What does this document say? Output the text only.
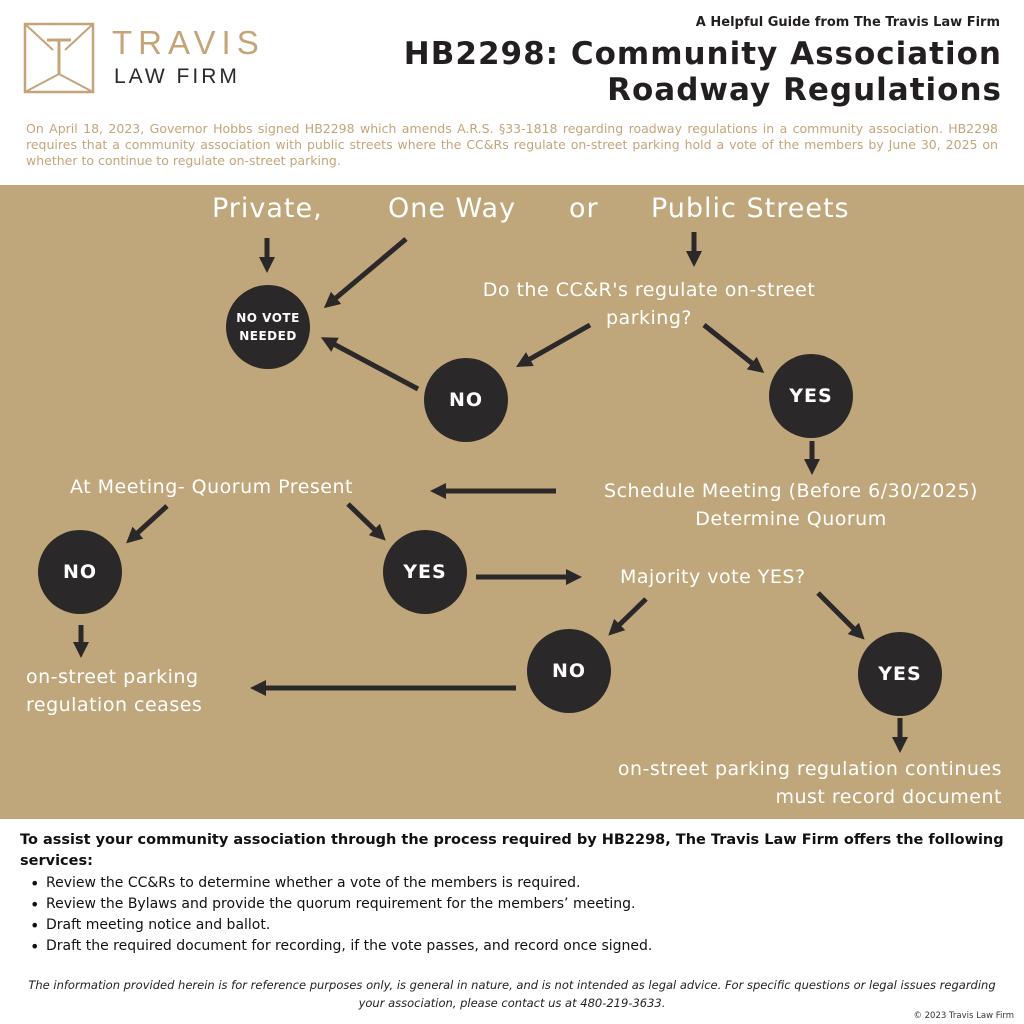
TRAVIS
LAW FIRM
A Helpful Guide from The Travis Law Firm
HB2298: Community Association
Roadway Regulations
On April 18, 2023, Governor Hobbs signed HB2298 which amends A.R.S. §33-1818 regarding roadway regulations in a community association. HB2298 requires that a community association with public streets where the CC&Rs regulate on-street parking hold a vote of the members by June 30, 2025 on whether to continue to regulate on-street parking.
Private, One Way or Public Streets
NO VOTE
NEEDED
Do the CC&R's regulate on-street
parking?
NO	YES
Schedule Meeting (Before 6/30/2025)
Determine Quorum
At Meeting- Quorum Present
NO	YES	Majority vote YES?
NO	YES
on-street parking
regulation ceases
on-street parking regulation continues
must record document
To assist your community association through the process required by HB2298, The Travis Law Firm offers the following services:
• Review the CC&Rs to determine whether a vote of the members is required.
• Review the Bylaws and provide the quorum requirement for the members’ meeting.
• Draft meeting notice and ballot.
• Draft the required document for recording, if the vote passes, and record once signed.
The information provided herein is for reference purposes only, is general in nature, and is not intended as legal advice. For specific questions or legal issues regarding your association, please contact us at 480-219-3633.
© 2023 Travis Law Firm
